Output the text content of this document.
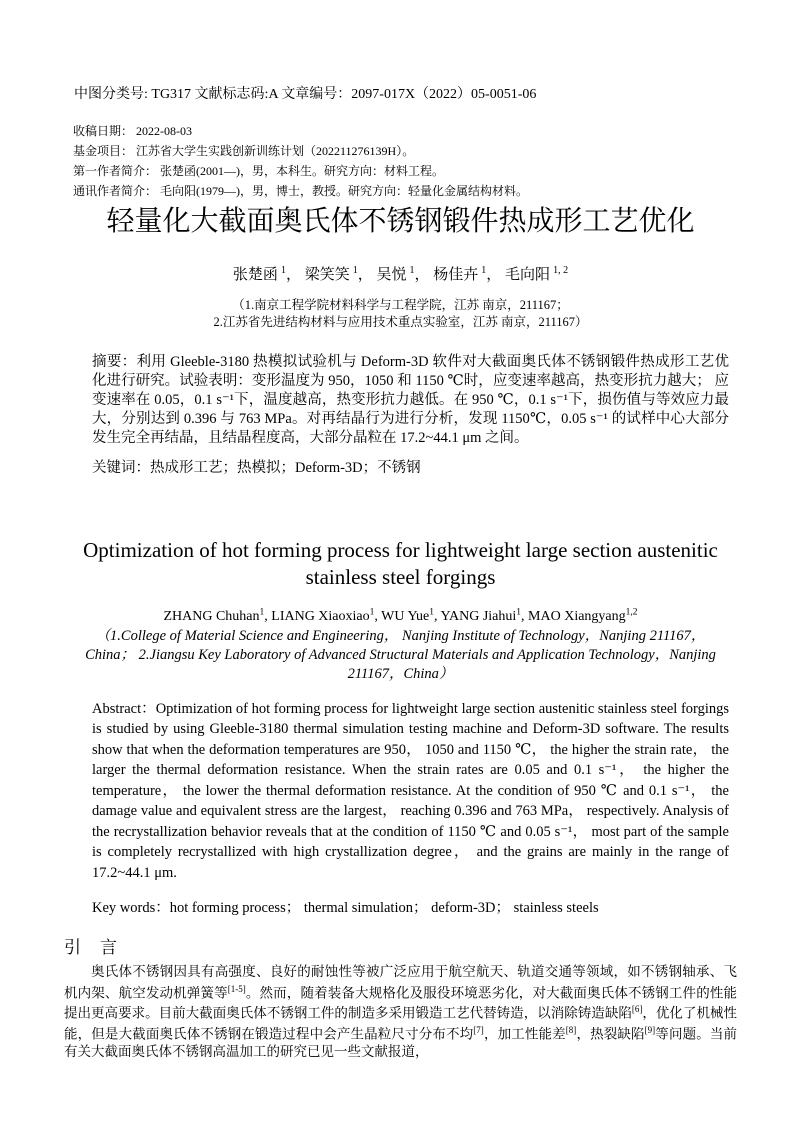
中图分类号: TG317 文献标志码:A 文章编号：2097-017X（2022）05-0051-06
收稿日期： 2022-08-03
基金项目： 江苏省大学生实践创新训练计划（202211276139H）。
第一作者简介： 张楚函(2001—)，男，本科生。研究方向：材料工程。
通讯作者简介： 毛向阳(1979—)，男，博士，教授。研究方向：轻量化金属结构材料。
轻量化大截面奥氏体不锈钢锻件热成形工艺优化
张楚函 $^1$， 梁笑笑 $^1$， 吴悦 $^1$， 杨佳卉 $^1$， 毛向阳 $^{1, 2}$
（1.南京工程学院材料科学与工程学院，江苏 南京，211167；
2.江苏省先进结构材料与应用技术重点实验室，江苏 南京，211167）

摘要：利用 Gleeble-3180 热模拟试验机与 Deform-3D 软件对大截面奥氏体不锈钢锻件热成形工艺优化进行研究。试验表明：变形温度为 950，1050 和 1150 ℃时，应变速率越高，热变形抗力越大； 应变速率在 0.05，0.1 s⁻¹下，温度越高，热变形抗力越低。在 950 ℃，0.1 s⁻¹下，损伤值与等效应力最大，分别达到 0.396 与 763 MPa。对再结晶行为进行分析，发现 1150℃，0.05 s⁻¹ 的试样中心大部分发生完全再结晶，且结晶程度高，大部分晶粒在 17.2~44.1 μm 之间。

关键词：热成形工艺；热模拟；Deform-3D；不锈钢

Optimization of hot forming process for lightweight large section austenitic stainless steel forgings
ZHANG Chuhan$^1$, LIANG Xiaoxiao$^1$, WU Yue$^1$, YANG Jiahui$^1$, MAO Xiangyang$^{1,2}$
（1.College of Material Science and Engineering， Nanjing Institute of Technology，Nanjing 211167，China； 2.Jiangsu Key Laboratory of Advanced Structural Materials and Application Technology，Nanjing 211167，China）

Abstract：Optimization of hot forming process for lightweight large section austenitic stainless steel forgings is studied by using Gleeble-3180 thermal simulation testing machine and Deform-3D software. The results show that when the deformation temperatures are 950， 1050 and 1150 ℃， the higher the strain rate， the larger the thermal deformation resistance. When the strain rates are 0.05 and 0.1 s⁻¹， the higher the temperature， the lower the thermal deformation resistance. At the condition of 950 ℃ and 0.1 s⁻¹， the damage value and equivalent stress are the largest， reaching 0.396 and 763 MPa， respectively. Analysis of the recrystallization behavior reveals that at the condition of 1150 ℃ and 0.05 s⁻¹， most part of the sample is completely recrystallized with high crystallization degree， and the grains are mainly in the range of 17.2~44.1 μm.

Key words：hot forming process； thermal simulation； deform-3D； stainless steels

引　言

奥氏体不锈钢因具有高强度、良好的耐蚀性等被广泛应用于航空航天、轨道交通等领域，如不锈钢轴承、飞机内架、航空发动机弹簧等[1-5]。然而，随着装备大规格化及服役环境恶劣化，对大截面奥氏体不锈钢工件的性能提出更高要求。目前大截面奥氏体不锈钢工件的制造多采用锻造工艺代替铸造，以消除铸造缺陷[6]，优化了机械性能，但是大截面奥氏体不锈钢在锻造过程中会产生晶粒尺寸分布不均[7]，加工性能差[8]，热裂缺陷[9]等问题。当前有关大截面奥氏体不锈钢高温加工的研究已见一些文献报道，
